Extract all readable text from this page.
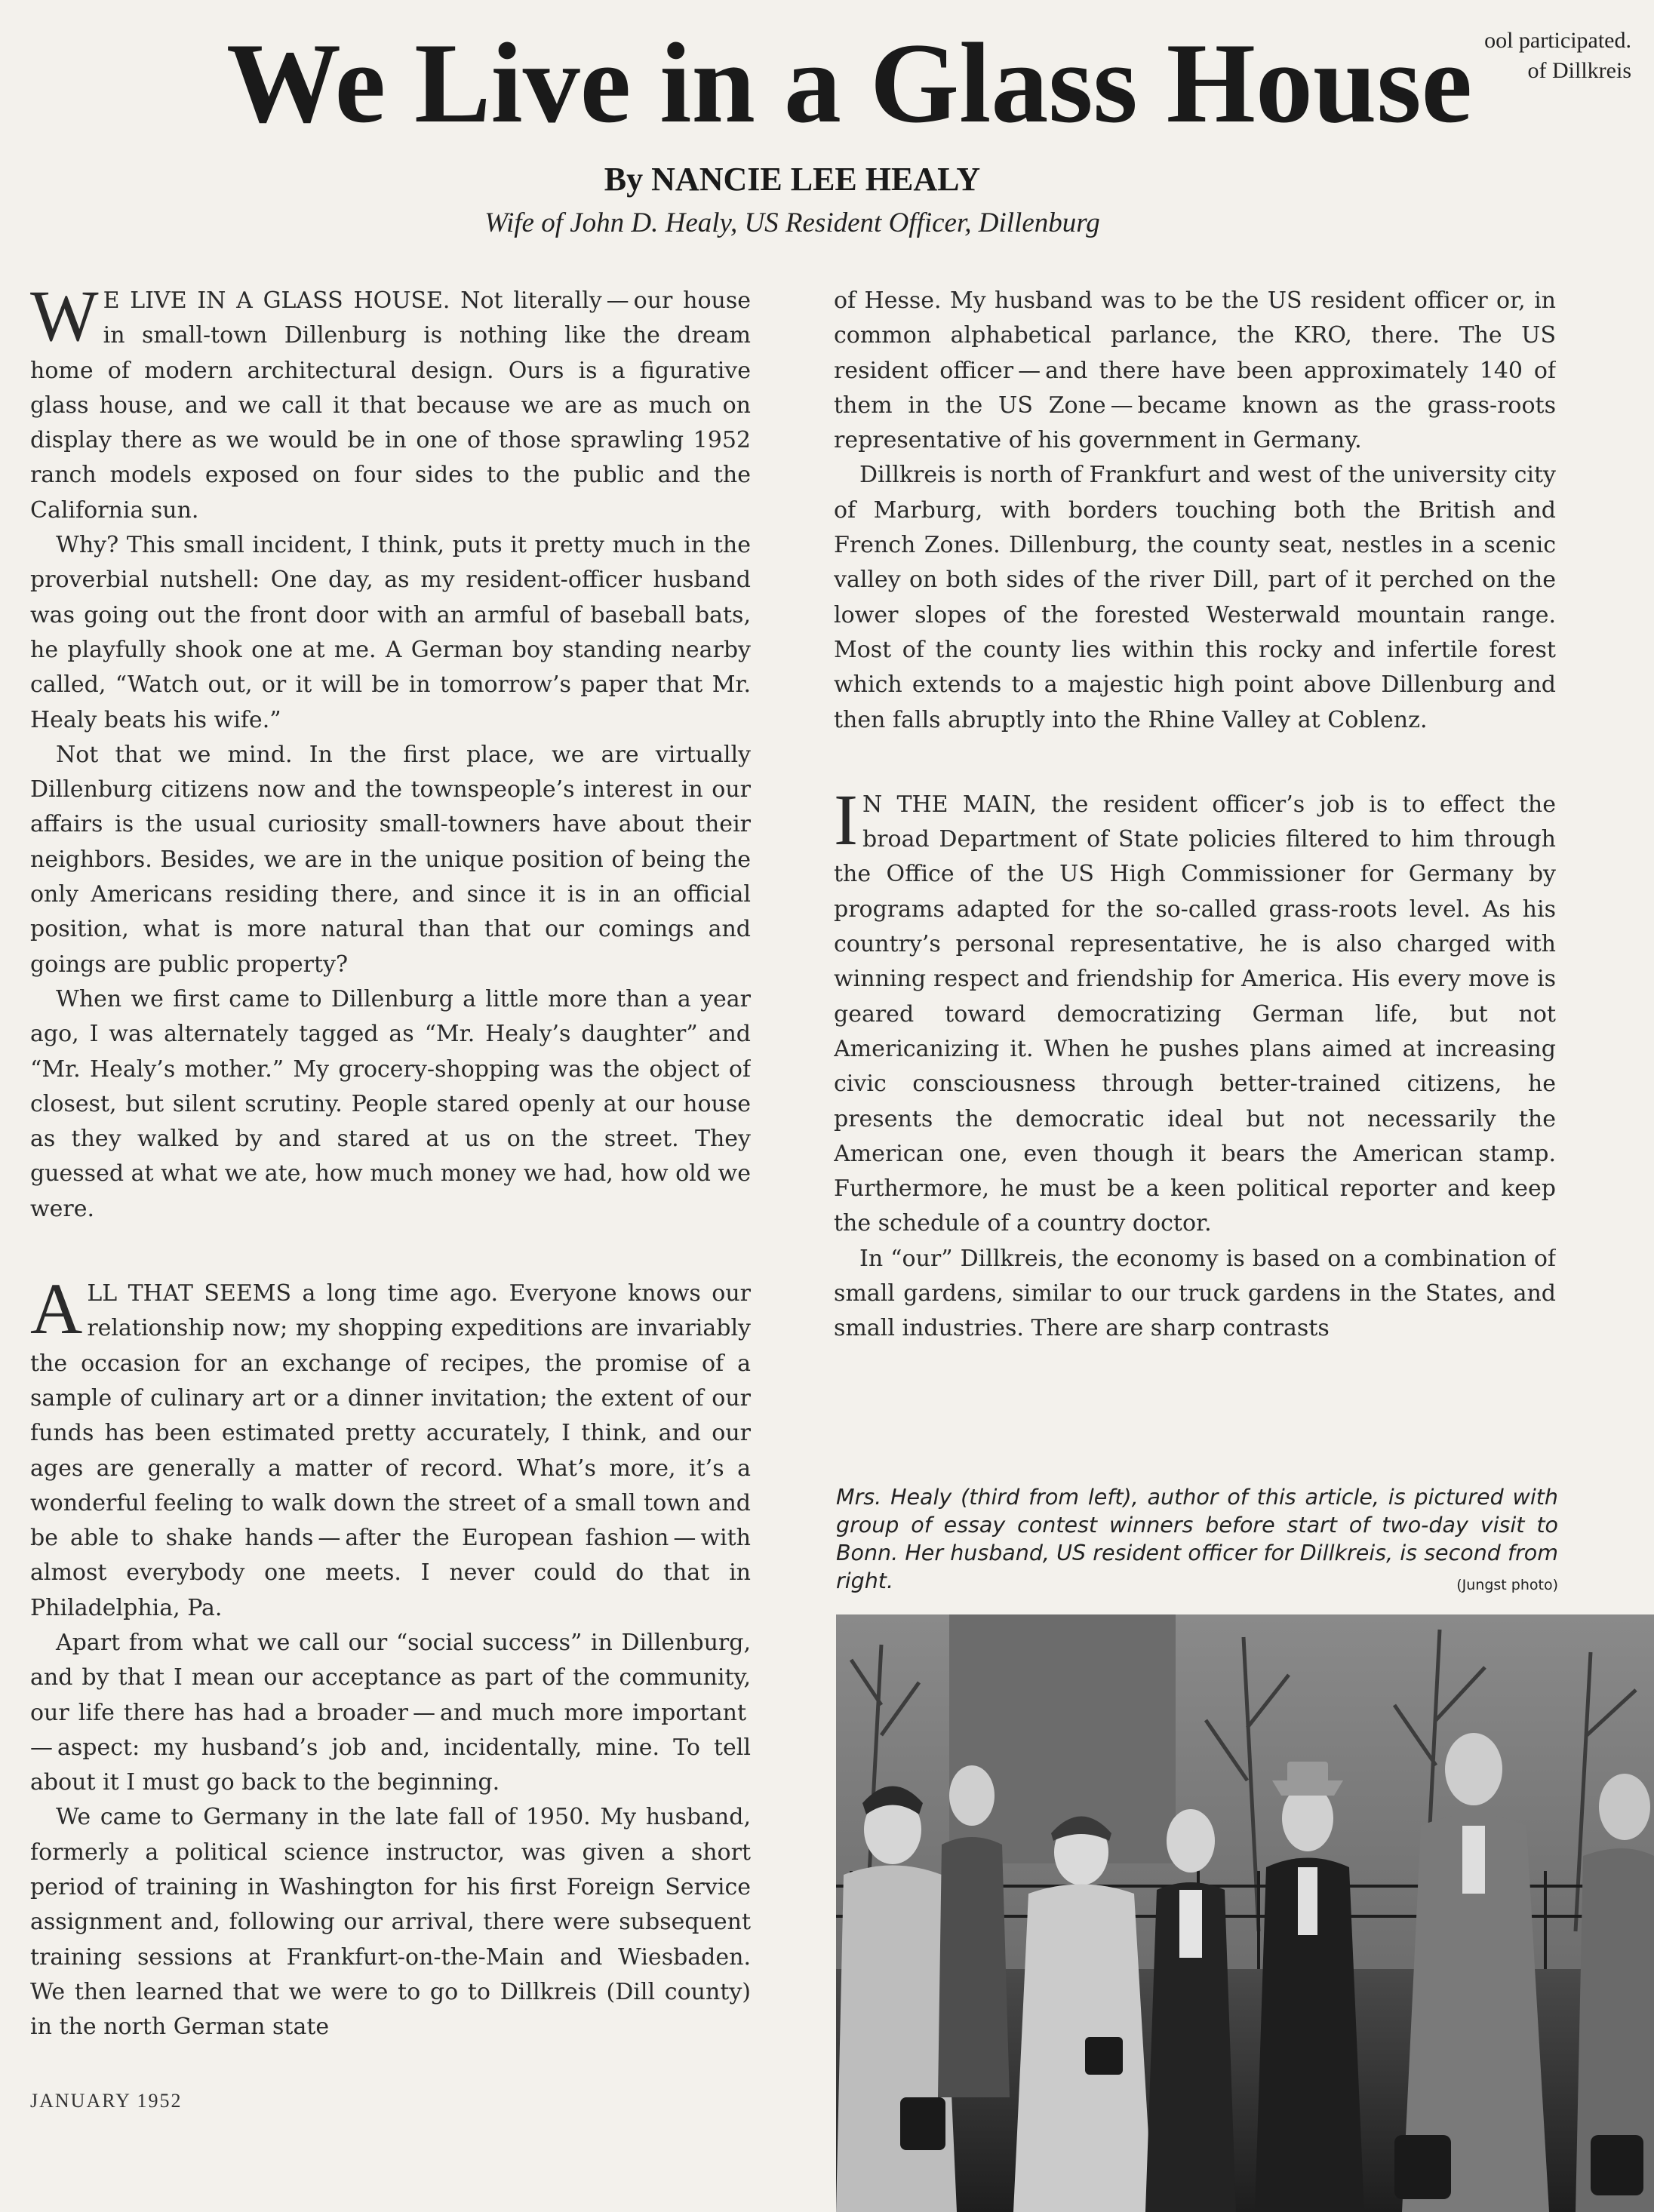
ool participated.
of Dillkreis
We Live in a Glass House
By NANCIE LEE HEALY
Wife of John D. Healy, US Resident Officer, Dillenburg

W E LIVE IN A GLASS HOUSE. Not literally — our house in small-town Dillenburg is nothing like the dream home of modern architectural design. Ours is a figurative glass house, and we call it that because we are as much on display there as we would be in one of those sprawling 1952 ranch models exposed on four sides to the public and the California sun.

Why? This small incident, I think, puts it pretty much in the proverbial nutshell: One day, as my resident-officer husband was going out the front door with an armful of baseball bats, he playfully shook one at me. A German boy standing nearby called, “Watch out, or it will be in tomorrow’s paper that Mr. Healy beats his wife.”

Not that we mind. In the first place, we are virtually Dillenburg citizens now and the townspeople’s interest in our affairs is the usual curiosity small-towners have about their neighbors. Besides, we are in the unique position of being the only Americans residing there, and since it is in an official position, what is more natural than that our comings and goings are public property?

When we first came to Dillenburg a little more than a year ago, I was alternately tagged as “Mr. Healy’s daughter” and “Mr. Healy’s mother.” My grocery-shopping was the object of closest, but silent scrutiny. People stared openly at our house as they walked by and stared at us on the street. They guessed at what we ate, how much money we had, how old we were.

ALL THAT SEEMS a long time ago. Everyone knows our relationship now; my shopping expeditions are invariably the occasion for an exchange of recipes, the promise of a sample of culinary art or a dinner invitation; the extent of our funds has been estimated pretty accurately, I think, and our ages are generally a matter of record. What’s more, it’s a wonderful feeling to walk down the street of a small town and be able to shake hands — after the European fashion — with almost everybody one meets. I never could do that in Philadelphia, Pa.

Apart from what we call our “social success” in Dillenburg, and by that I mean our acceptance as part of the community, our life there has had a broader — and much more important — aspect: my husband’s job and, incidentally, mine. To tell about it I must go back to the beginning.

We came to Germany in the late fall of 1950. My husband, formerly a political science instructor, was given a short period of training in Washington for his first Foreign Service assignment and, following our arrival, there were subsequent training sessions at Frankfurt-on-the-Main and Wiesbaden. We then learned that we were to go to Dillkreis (Dill county) in the north German state

of Hesse. My husband was to be the US resident officer or, in common alphabetical parlance, the KRO, there. The US resident officer — and there have been approximately 140 of them in the US Zone — became known as the grass-roots representative of his government in Germany.

Dillkreis is north of Frankfurt and west of the university city of Marburg, with borders touching both the British and French Zones. Dillenburg, the county seat, nestles in a scenic valley on both sides of the river Dill, part of it perched on the lower slopes of the forested Westerwald mountain range. Most of the county lies within this rocky and infertile forest which extends to a majestic high point above Dillenburg and then falls abruptly into the Rhine Valley at Coblenz.

I N THE MAIN, the resident officer’s job is to effect the broad Department of State policies filtered to him through the Office of the US High Commissioner for Germany by programs adapted for the so-called grass-roots level. As his country’s personal representative, he is also charged with winning respect and friendship for America. His every move is geared toward democratizing German life, but not Americanizing it. When he pushes plans aimed at increasing civic consciousness through better-trained citizens, he presents the democratic ideal but not necessarily the American one, even though it bears the American stamp. Furthermore, he must be a keen political reporter and keep the schedule of a country doctor.

In “our” Dillkreis, the economy is based on a combination of small gardens, similar to our truck gardens in the States, and small industries. There are sharp contrasts

Mrs. Healy (third from left), author of this article, is pictured with group of essay contest winners before start of two-day visit to Bonn. Her husband, US resident officer for Dillkreis, is second from right.	(Jungst photo)
JANUARY 1952
